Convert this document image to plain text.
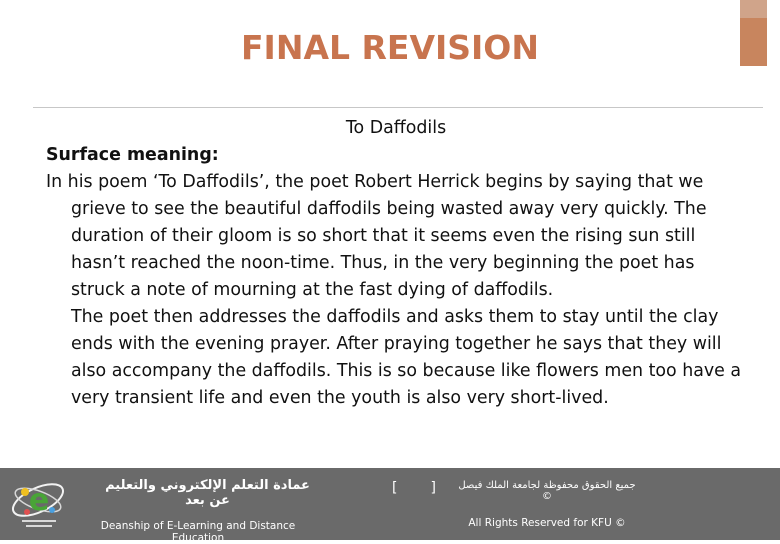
FINAL REVISION
To Daffodils
Surface meaning:
In his poem ‘To Daffodils’, the poet Robert Herrick begins by saying that we grieve to see the beautiful daffodils being wasted away very quickly. The duration of their gloom is so short that it seems even the rising sun still hasn’t reached the noon-time. Thus, in the very beginning the poet has struck a note of mourning at the fast dying of daffodils.
The poet then addresses the daffodils and asks them to stay until the clay ends with the evening prayer. After praying together he says that they will also accompany the daffodils. This is so because like flowers men too have a very transient life and even the youth is also very short-lived.
e	عمادة التعلم الإلكتروني والتعليم عن بعد
Deanship of E-Learning and Distance Education
[ ]	جميع الحقوق محفوظة لجامعة الملك فيصل ©
All Rights Reserved for KFU ©
